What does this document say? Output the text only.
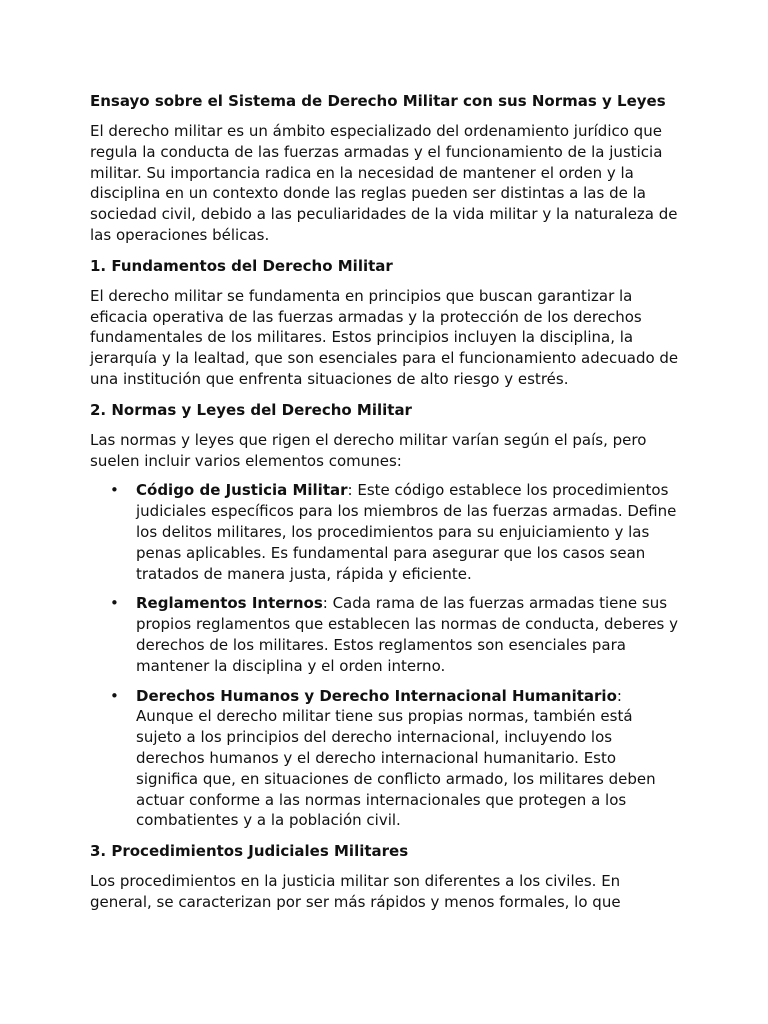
Ensayo sobre el Sistema de Derecho Militar con sus Normas y Leyes

El derecho militar es un ámbito especializado del ordenamiento jurídico que regula la conducta de las fuerzas armadas y el funcionamiento de la justicia militar. Su importancia radica en la necesidad de mantener el orden y la disciplina en un contexto donde las reglas pueden ser distintas a las de la sociedad civil, debido a las peculiaridades de la vida militar y la naturaleza de las operaciones bélicas.

1. Fundamentos del Derecho Militar

El derecho militar se fundamenta en principios que buscan garantizar la eficacia operativa de las fuerzas armadas y la protección de los derechos fundamentales de los militares. Estos principios incluyen la disciplina, la jerarquía y la lealtad, que son esenciales para el funcionamiento adecuado de una institución que enfrenta situaciones de alto riesgo y estrés.

2. Normas y Leyes del Derecho Militar

Las normas y leyes que rigen el derecho militar varían según el país, pero suelen incluir varios elementos comunes:

• Código de Justicia Militar: Este código establece los procedimientos judiciales específicos para los miembros de las fuerzas armadas. Define los delitos militares, los procedimientos para su enjuiciamiento y las penas aplicables. Es fundamental para asegurar que los casos sean tratados de manera justa, rápida y eficiente.
• Reglamentos Internos: Cada rama de las fuerzas armadas tiene sus propios reglamentos que establecen las normas de conducta, deberes y derechos de los militares. Estos reglamentos son esenciales para mantener la disciplina y el orden interno.
• Derechos Humanos y Derecho Internacional Humanitario: Aunque el derecho militar tiene sus propias normas, también está sujeto a los principios del derecho internacional, incluyendo los derechos humanos y el derecho internacional humanitario. Esto significa que, en situaciones de conflicto armado, los militares deben actuar conforme a las normas internacionales que protegen a los combatientes y a la población civil.
3. Procedimientos Judiciales Militares

Los procedimientos en la justicia militar son diferentes a los civiles. En general, se caracterizan por ser más rápidos y menos formales, lo que
